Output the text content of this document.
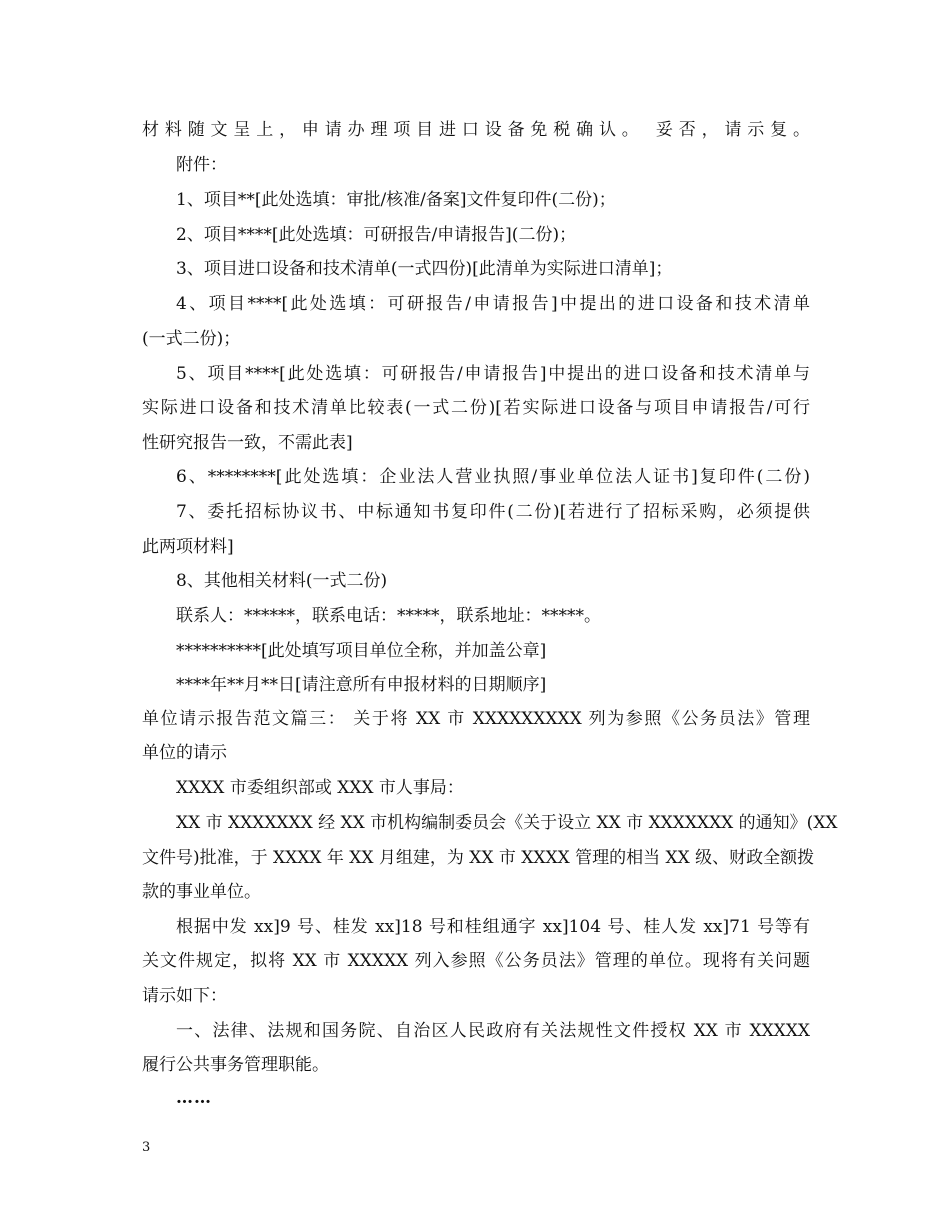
材料随文呈上，申请办理项目进口设备免税确认。 妥否，请示复。
附件：
1、项目**[此处选填：审批/核准/备案]文件复印件(二份)；
2、项目****[此处选填：可研报告/申请报告](二份)；
3、项目进口设备和技术清单(一式四份)[此清单为实际进口清单]；
4、项目****[此处选填：可研报告/申请报告]中提出的进口设备和技术清单
(一式二份)；
5、项目****[此处选填：可研报告/申请报告]中提出的进口设备和技术清单与
实际进口设备和技术清单比较表(一式二份)[若实际进口设备与项目申请报告/可行
性研究报告一致，不需此表]
6、********[此处选填：企业法人营业执照/事业单位法人证书]复印件(二份)
7、委托招标协议书、中标通知书复印件(二份)[若进行了招标采购，必须提供
此两项材料]
8、其他相关材料(一式二份)
联系人：******，联系电话：*****，联系地址：*****。
**********[此处填写项目单位全称，并加盖公章]
****年**月**日[请注意所有申报材料的日期顺序]
单位请示报告范文篇三： 关于将 XX 市 XXXXXXXXX 列为参照《公务员法》管理
单位的请示
XXXX 市委组织部或 XXX 市人事局：
XX 市 XXXXXXX 经 XX 市机构编制委员会《关于设立 XX 市 XXXXXXX 的通知》(XX
文件号)批准，于 XXXX 年 XX 月组建，为 XX 市 XXXX 管理的相当 XX 级、财政全额拨
款的事业单位。
根据中发 xx]9 号、桂发 xx]18 号和桂组通字 xx]104 号、桂人发 xx]71 号等有
关文件规定，拟将 XX 市 XXXXX 列入参照《公务员法》管理的单位。现将有关问题
请示如下：
一、法律、法规和国务院、自治区人民政府有关法规性文件授权 XX 市 XXXXX
履行公共事务管理职能。
……
3
